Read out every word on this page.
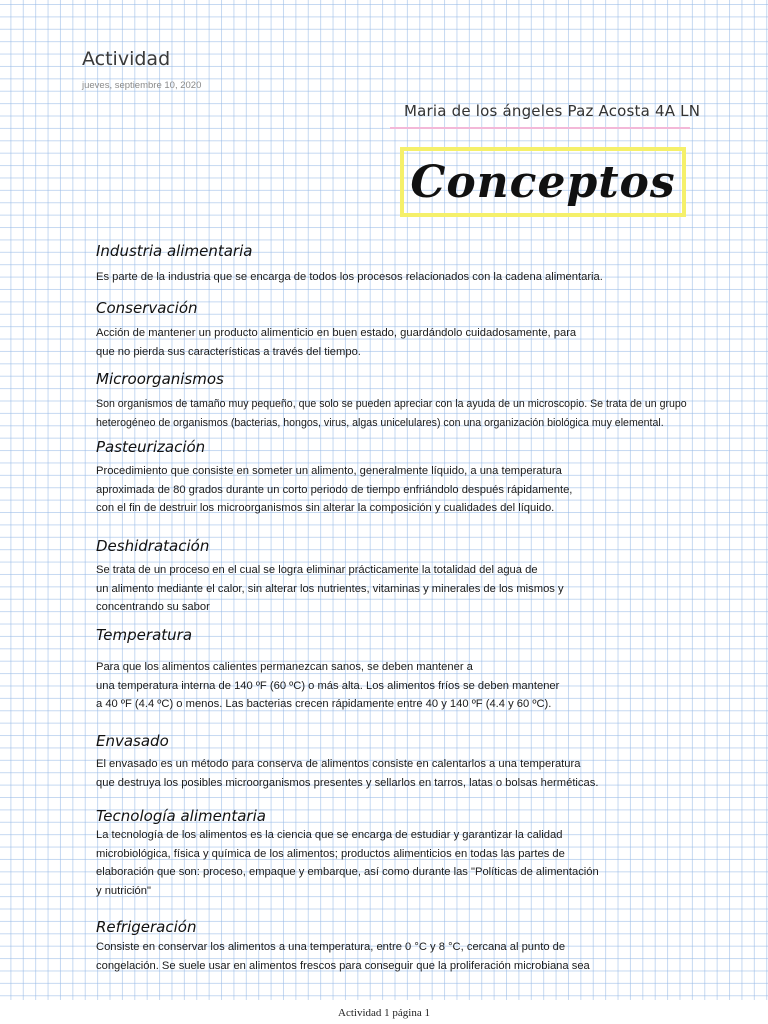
Actividad
jueves, septiembre 10, 2020
Maria de los ángeles Paz Acosta 4A LN
Conceptos
Industria alimentaria
Es parte de la industria que se encarga de todos los procesos relacionados con la cadena alimentaria.
Conservación
Acción de mantener un producto alimenticio en buen estado, guardándolo cuidadosamente, para
que no pierda sus características a través del tiempo.
Microorganismos
Son organismos de tamaño muy pequeño, que solo se pueden apreciar con la ayuda de un microscopio. Se trata de un grupo
heterogéneo de organismos (bacterias, hongos, virus, algas unicelulares) con una organización biológica muy elemental.
Pasteurización
Procedimiento que consiste en someter un alimento, generalmente líquido, a una temperatura
aproximada de 80 grados durante un corto periodo de tiempo enfriándolo después rápidamente,
con el fin de destruir los microorganismos sin alterar la composición y cualidades del líquido.
Deshidratación
Se trata de un proceso en el cual se logra eliminar prácticamente la totalidad del agua de
un alimento mediante el calor, sin alterar los nutrientes, vitaminas y minerales de los mismos y
concentrando su sabor
Temperatura
Para que los alimentos calientes permanezcan sanos, se deben mantener a
una temperatura interna de 140 ºF (60 ºC) o más alta. Los alimentos fríos se deben mantener
a 40 ºF (4.4 ºC) o menos. Las bacterias crecen rápidamente entre 40 y 140 ºF (4.4 y 60 ºC).
Envasado
El envasado es un método para conserva de alimentos consiste en calentarlos a una temperatura
que destruya los posibles microorganismos presentes y sellarlos en tarros, latas o bolsas herméticas.
Tecnología alimentaria
La tecnología de los alimentos es la ciencia que se encarga de estudiar y garantizar la calidad
microbiológica, física y química de los alimentos; productos alimenticios en todas las partes de
elaboración que son: proceso, empaque y embarque, así como durante las "Políticas de alimentación
y nutrición"
Refrigeración
Consiste en conservar los alimentos a una temperatura, entre 0 °C y 8 °C, cercana al punto de
congelación. Se suele usar en alimentos frescos para conseguir que la proliferación microbiana sea
Actividad 1 página 1
